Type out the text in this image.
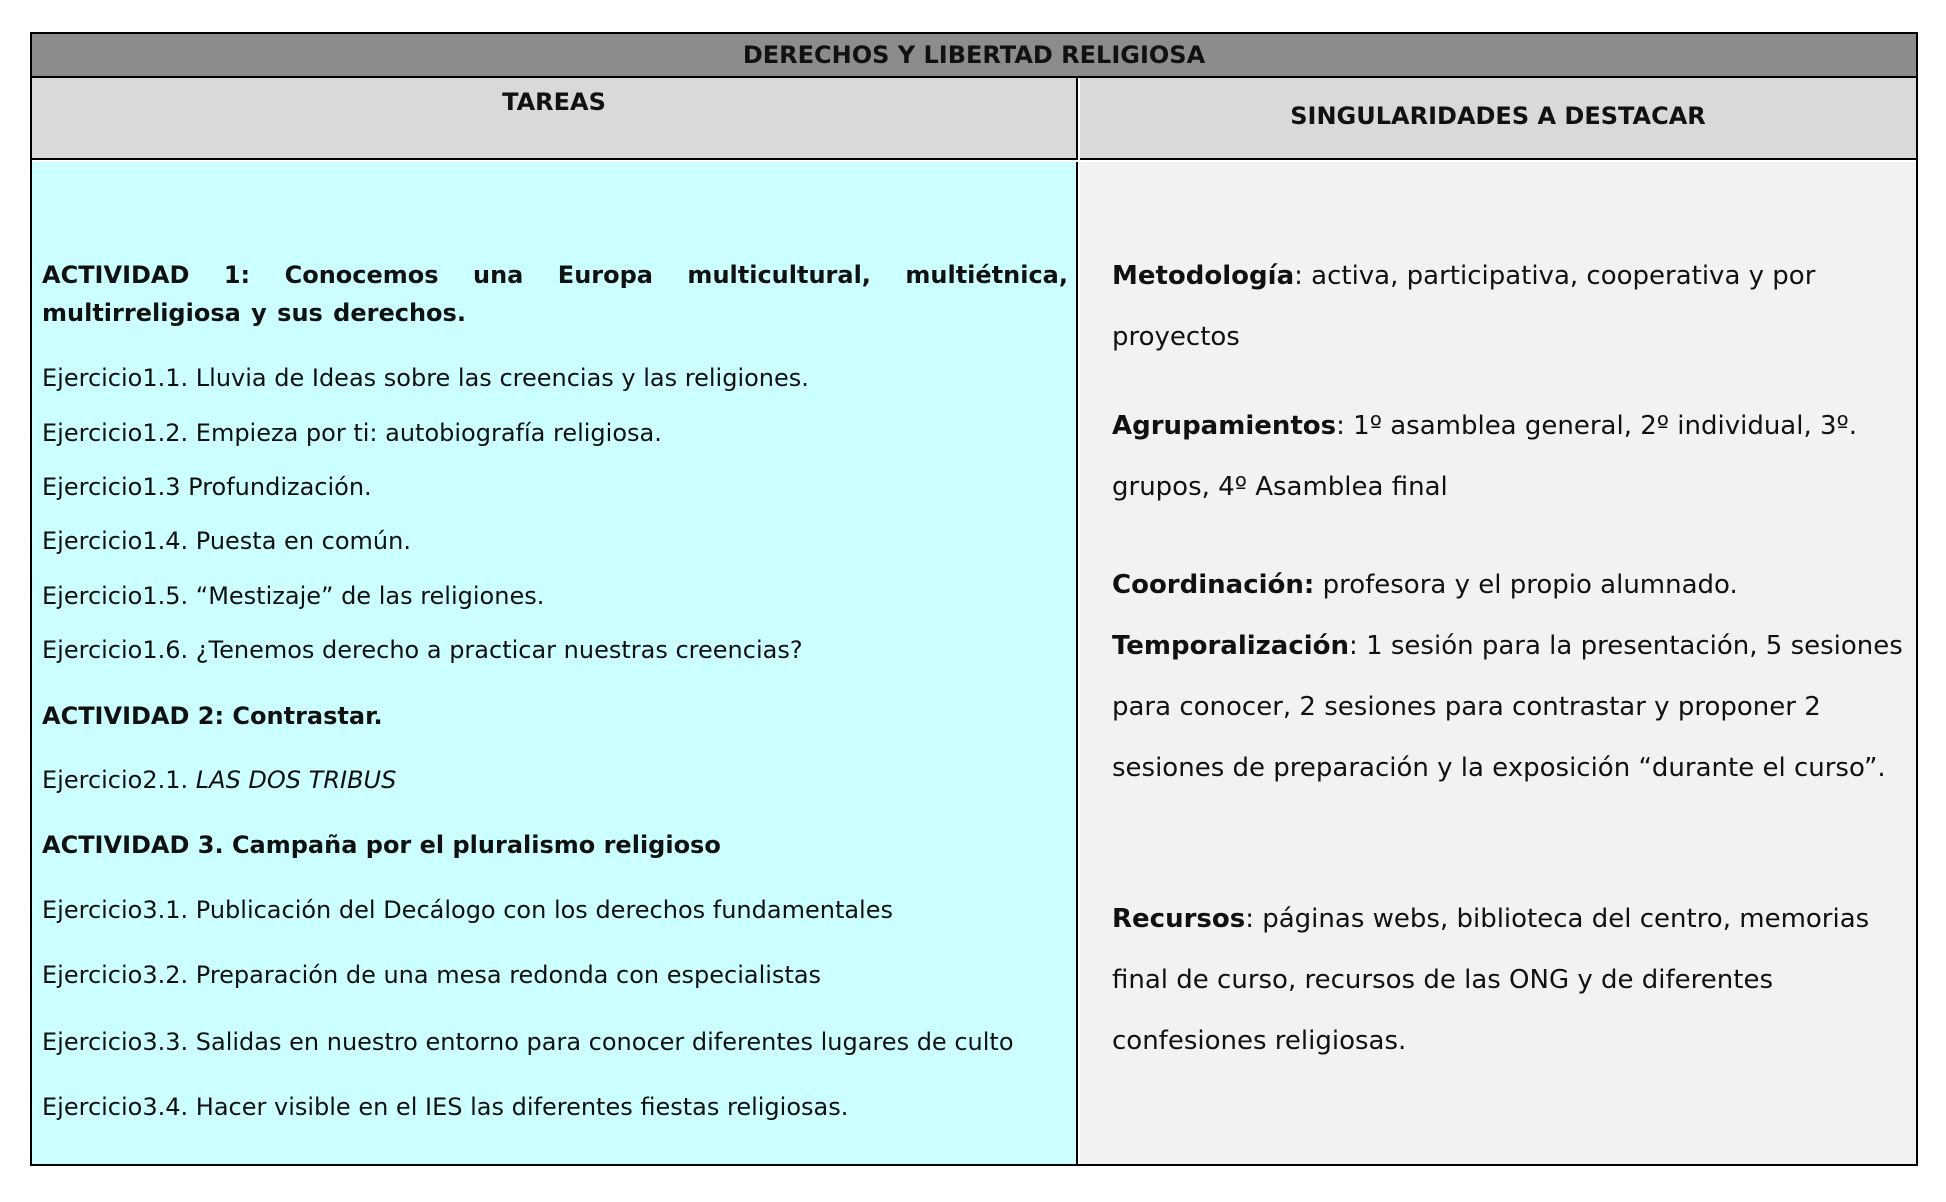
DERECHOS Y LIBERTAD RELIGIOSA
TAREAS	SINGULARIDADES A DESTACAR
ACTIVIDAD 1: Conocemos una Europa multicultural, multiétnica, multirreligiosa y sus derechos.
Ejercicio1.1. Lluvia de Ideas sobre las creencias y las religiones.
Ejercicio1.2. Empieza por ti: autobiografía religiosa.
Ejercicio1.3 Profundización.
Ejercicio1.4. Puesta en común.
Ejercicio1.5. “Mestizaje” de las religiones.
Ejercicio1.6. ¿Tenemos derecho a practicar nuestras creencias?
ACTIVIDAD 2: Contrastar.
Ejercicio2.1. LAS DOS TRIBUS
ACTIVIDAD 3. Campaña por el pluralismo religioso
Ejercicio3.1. Publicación del Decálogo con los derechos fundamentales
Ejercicio3.2. Preparación de una mesa redonda con especialistas
Ejercicio3.3. Salidas en nuestro entorno para conocer diferentes lugares de culto
Ejercicio3.4. Hacer visible en el IES las diferentes fiestas religiosas.
Metodología: activa, participativa, cooperativa y por proyectos
Agrupamientos: 1º asamblea general, 2º individual, 3º. grupos, 4º Asamblea final
Coordinación: profesora y el propio alumnado.
Temporalización: 1 sesión para la presentación, 5 sesiones para conocer, 2 sesiones para contrastar y proponer 2 sesiones de preparación y la exposición “durante el curso”.
Recursos: páginas webs, biblioteca del centro, memorias final de curso, recursos de las ONG y de diferentes confesiones religiosas.
